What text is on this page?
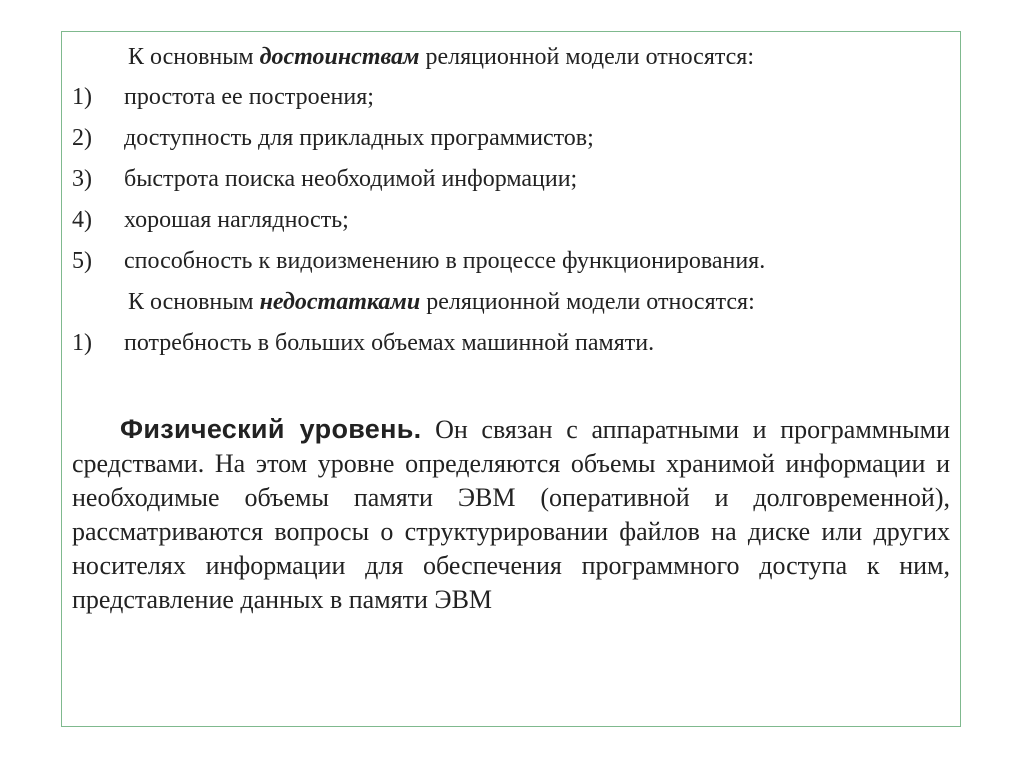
К основным достоинствам реляционной модели относятся:
1) простота ее построения;
2) доступность для прикладных программистов;
3) быстрота поиска необходимой информации;
4) хорошая наглядность;
5) способность к видоизменению в процессе функционирования.
К основным недостатками реляционной модели относятся:
1) потребность в больших объемах машинной памяти.

Физический уровень. Он связан с аппаратными и программными средствами. На этом уровне определяются объемы хранимой информации и необходимые объемы памяти ЭВМ (оперативной и долговременной), рассматриваются вопросы о структурировании файлов на диске или других носителях информации для обеспечения программного доступа к ним, представление данных в памяти ЭВМ
